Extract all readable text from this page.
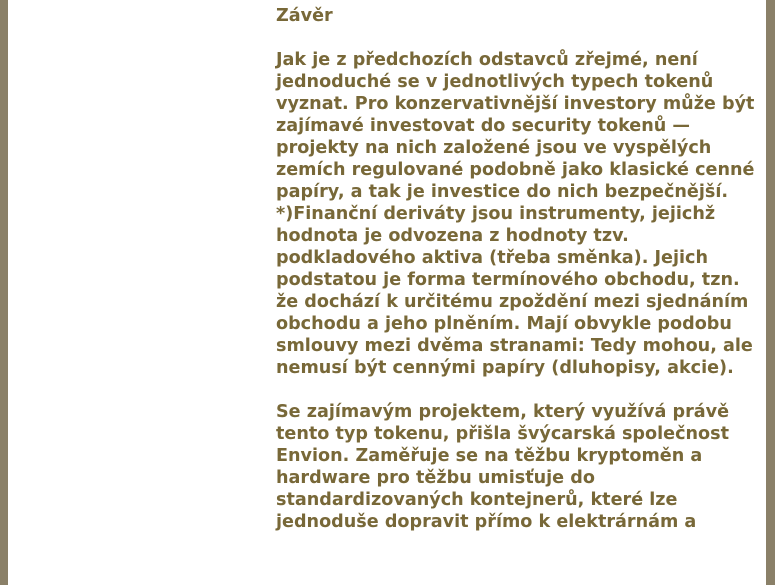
Závěr

Jak je z předchozích odstavců zřejmé, není jednoduché se v jednotlivých typech tokenů vyznat. Pro konzervativnější investory může být zajímavé investovat do security tokenů — projekty na nich založené jsou ve vyspělých zemích regulované podobně jako klasické cenné papíry, a tak je investice do nich bezpečnější.

*)Finanční deriváty jsou instrumenty, jejichž hodnota je odvozena z hodnoty tzv. podkladového aktiva (třeba směnka). Jejich podstatou je forma termínového obchodu, tzn. že dochází k určitému zpoždění mezi sjednáním obchodu a jeho plněním. Mají obvykle podobu smlouvy mezi dvěma stranami: Tedy mohou, ale nemusí být cennými papíry (dluhopisy, akcie).

Se zajímavým projektem, který využívá právě tento typ tokenu, přišla švýcarská společnost Envion. Zaměřuje se na těžbu kryptoměn a hardware pro těžbu umisťuje do standardizovaných kontejnerů, které lze jednoduše dopravit přímo k elektrárnám a
